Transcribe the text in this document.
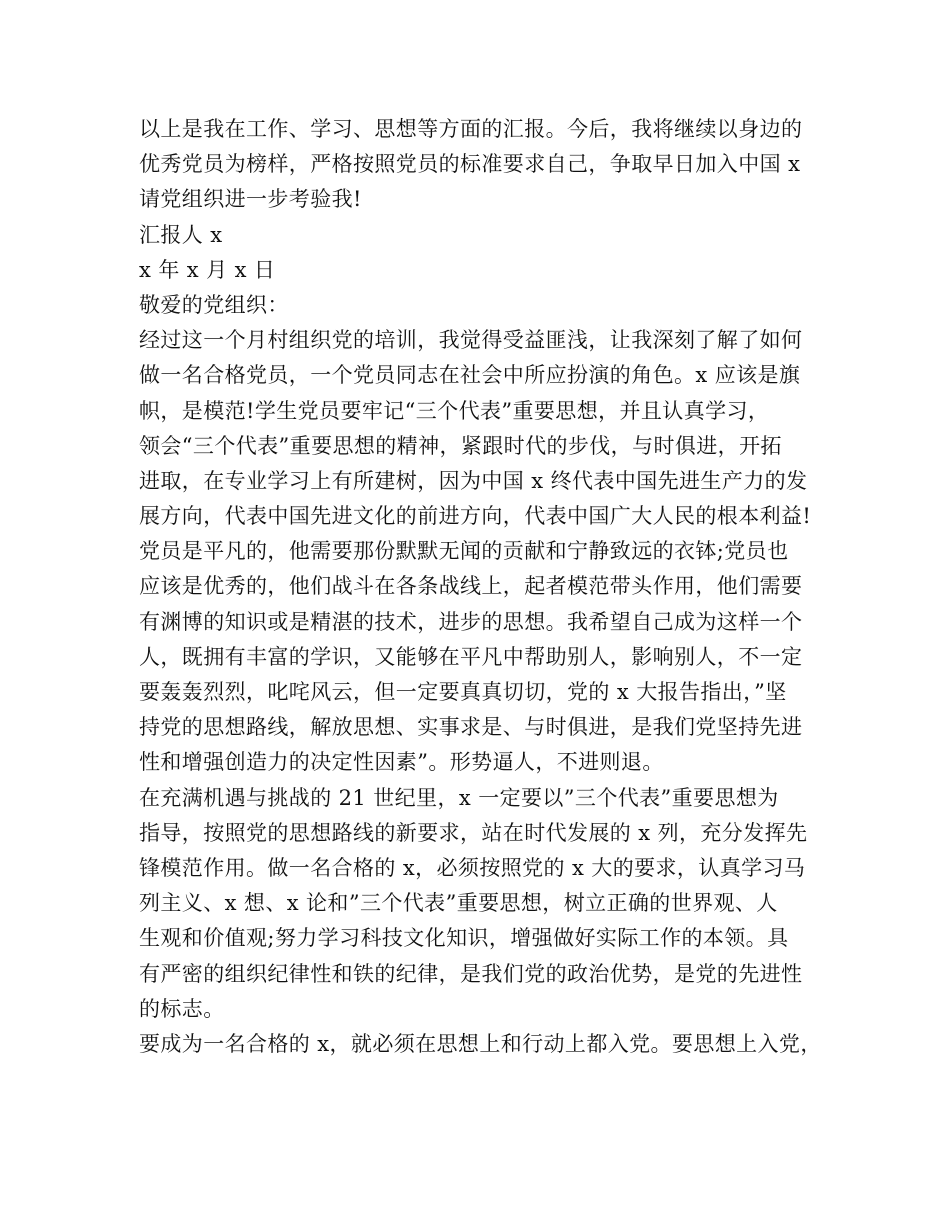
以上是我在工作、学习、思想等方面的汇报。今后，我将继续以身边的
优秀党员为榜样，严格按照党员的标准要求自己，争取早日加入中国 x
请党组织进一步考验我!
汇报人 x
x 年 x 月 x 日
敬爱的党组织：
经过这一个月村组织党的培训，我觉得受益匪浅，让我深刻了解了如何
做一名合格党员，一个党员同志在社会中所应扮演的角色。x 应该是旗
帜，是模范!学生党员要牢记“三个代表”重要思想，并且认真学习，
领会“三个代表”重要思想的精神，紧跟时代的步伐，与时俱进，开拓
进取，在专业学习上有所建树，因为中国 x 终代表中国先进生产力的发
展方向，代表中国先进文化的前进方向，代表中国广大人民的根本利益!
党员是平凡的，他需要那份默默无闻的贡献和宁静致远的衣钵;党员也
应该是优秀的，他们战斗在各条战线上，起者模范带头作用，他们需要
有渊博的知识或是精湛的技术，进步的思想。我希望自己成为这样一个
人，既拥有丰富的学识，又能够在平凡中帮助别人，影响别人，不一定
要轰轰烈烈，叱咤风云，但一定要真真切切，党的 x 大报告指出，”坚
持党的思想路线，解放思想、实事求是、与时俱进，是我们党坚持先进
性和增强创造力的决定性因素”。形势逼人，不进则退。
在充满机遇与挑战的 21 世纪里，x 一定要以”三个代表”重要思想为
指导，按照党的思想路线的新要求，站在时代发展的 x 列，充分发挥先
锋模范作用。做一名合格的 x，必须按照党的 x 大的要求，认真学习马
列主义、x 想、x 论和”三个代表”重要思想，树立正确的世界观、人
生观和价值观;努力学习科技文化知识，增强做好实际工作的本领。具
有严密的组织纪律性和铁的纪律，是我们党的政治优势，是党的先进性
的标志。
要成为一名合格的 x，就必须在思想上和行动上都入党。要思想上入党，
